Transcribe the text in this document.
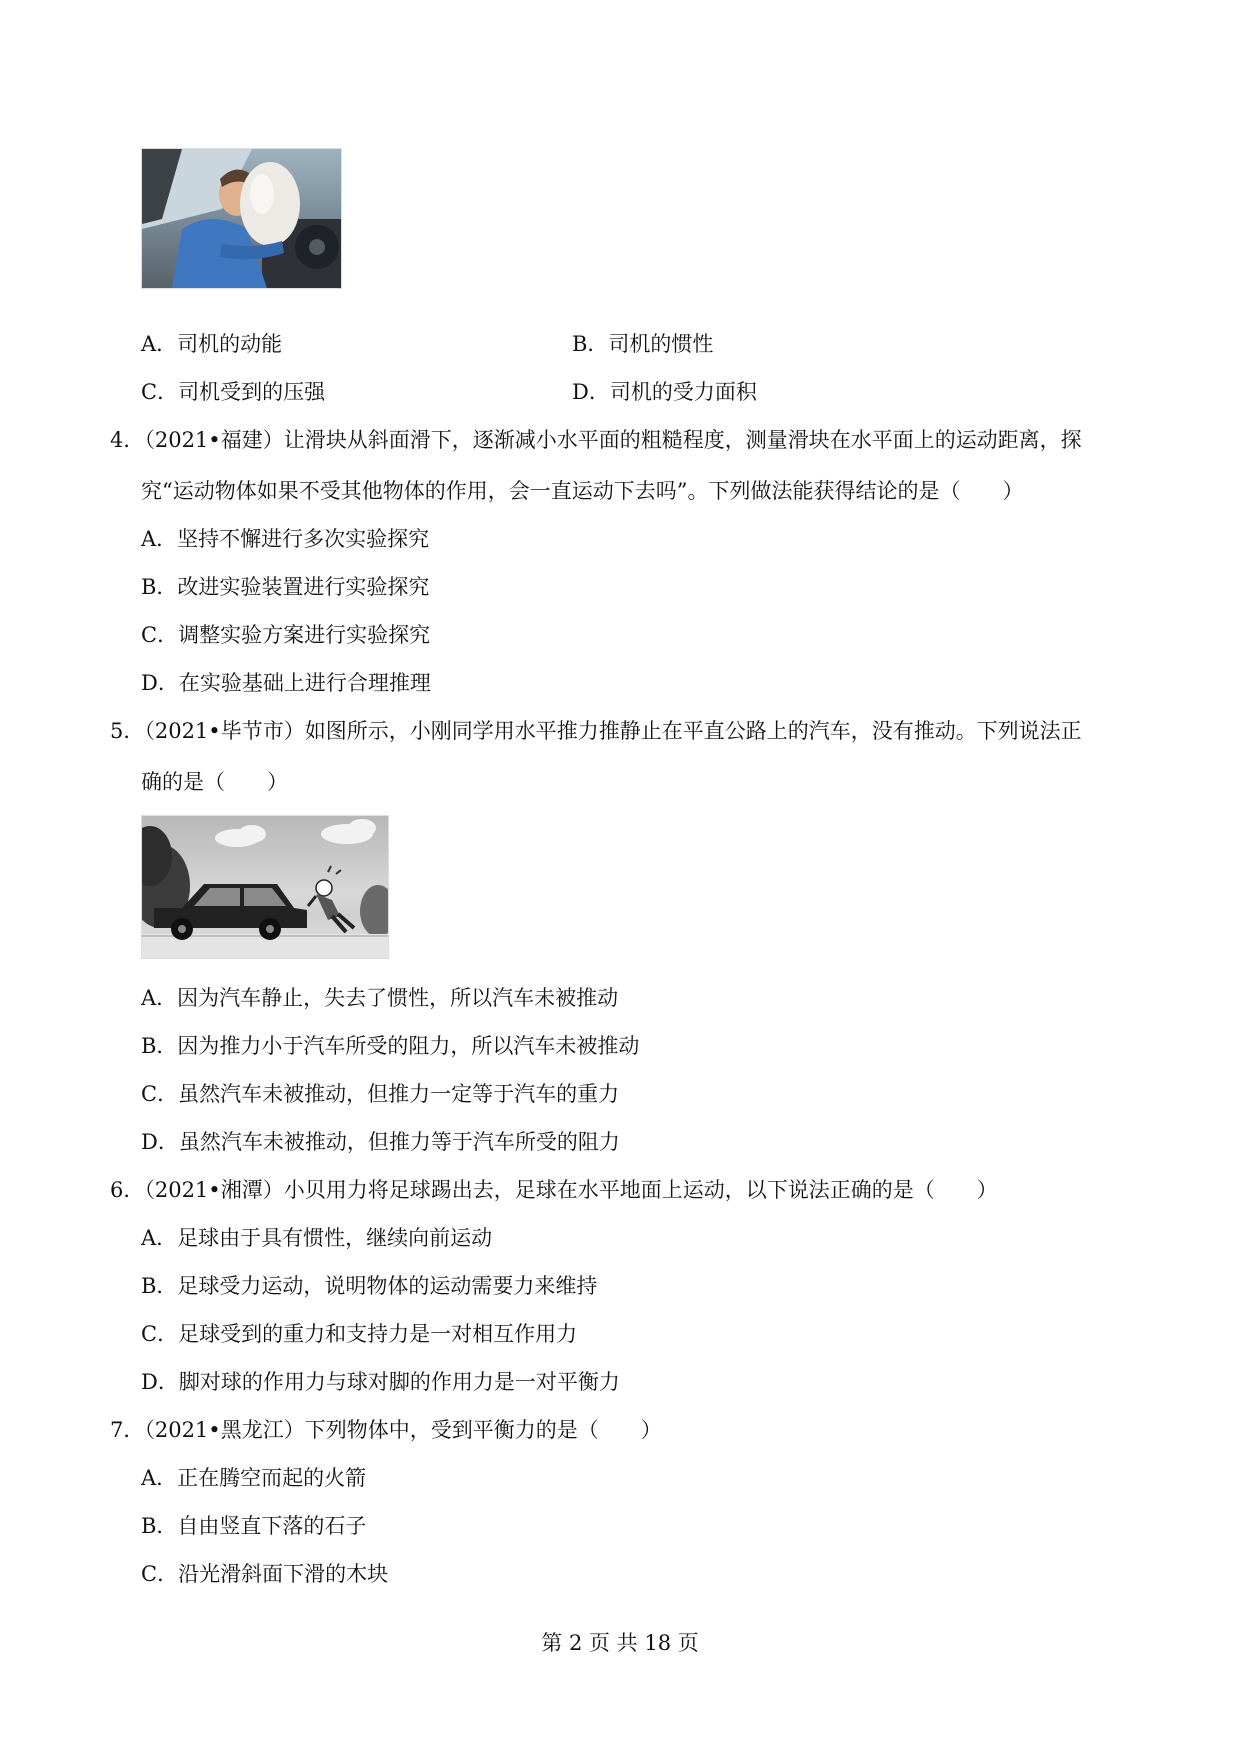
A．司机的动能	B．司机的惯性
C．司机受到的压强	D．司机的受力面积
4．（2021•福建）让滑块从斜面滑下，逐渐减小水平面的粗糙程度，测量滑块在水平面上的运动距离，探
究“运动物体如果不受其他物体的作用，会一直运动下去吗”。下列做法能获得结论的是（　　）
A．坚持不懈进行多次实验探究
B．改进实验装置进行实验探究
C．调整实验方案进行实验探究
D．在实验基础上进行合理推理
5．（2021•毕节市）如图所示，小刚同学用水平推力推静止在平直公路上的汽车，没有推动。下列说法正
确的是（　　）
A．因为汽车静止，失去了惯性，所以汽车未被推动
B．因为推力小于汽车所受的阻力，所以汽车未被推动
C．虽然汽车未被推动，但推力一定等于汽车的重力
D．虽然汽车未被推动，但推力等于汽车所受的阻力
6．（2021•湘潭）小贝用力将足球踢出去，足球在水平地面上运动，以下说法正确的是（　　）
A．足球由于具有惯性，继续向前运动
B．足球受力运动，说明物体的运动需要力来维持
C．足球受到的重力和支持力是一对相互作用力
D．脚对球的作用力与球对脚的作用力是一对平衡力
7．（2021•黑龙江）下列物体中，受到平衡力的是（　　）
A．正在腾空而起的火箭
B．自由竖直下落的石子
C．沿光滑斜面下滑的木块
第 2 页 共 18 页
